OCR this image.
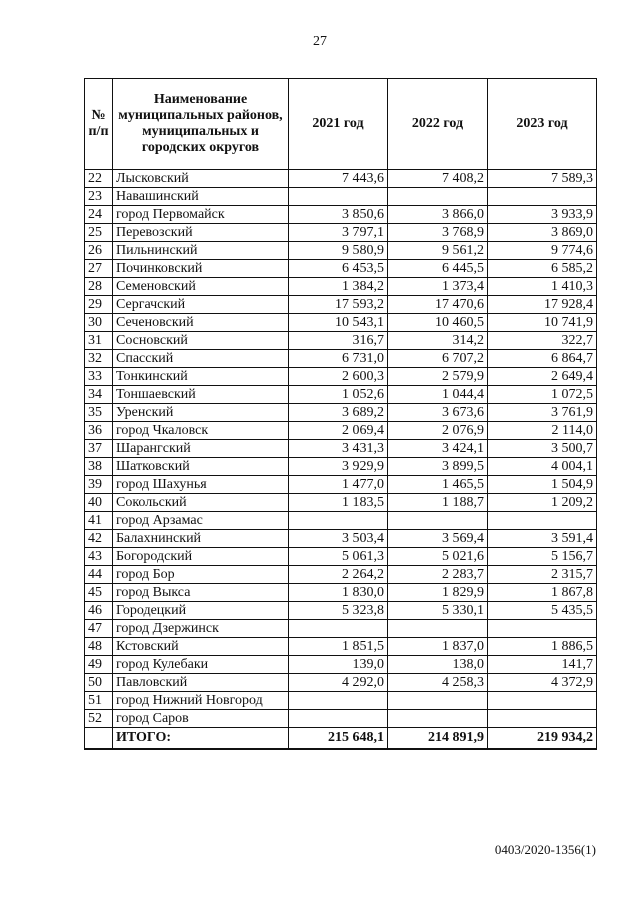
27
№ п/п	Наименование муниципальных районов, муниципальных и городских округов	2021 год	2022 год	2023 год
22	Лысковский	7 443,6	7 408,2	7 589,3
23	Навашинский			
24	город Первомайск	3 850,6	3 866,0	3 933,9
25	Перевозский	3 797,1	3 768,9	3 869,0
26	Пильнинский	9 580,9	9 561,2	9 774,6
27	Починковский	6 453,5	6 445,5	6 585,2
28	Семеновский	1 384,2	1 373,4	1 410,3
29	Сергачский	17 593,2	17 470,6	17 928,4
30	Сеченовский	10 543,1	10 460,5	10 741,9
31	Сосновский	316,7	314,2	322,7
32	Спасский	6 731,0	6 707,2	6 864,7
33	Тонкинский	2 600,3	2 579,9	2 649,4
34	Тоншаевский	1 052,6	1 044,4	1 072,5
35	Уренский	3 689,2	3 673,6	3 761,9
36	город Чкаловск	2 069,4	2 076,9	2 114,0
37	Шарангский	3 431,3	3 424,1	3 500,7
38	Шатковский	3 929,9	3 899,5	4 004,1
39	город Шахунья	1 477,0	1 465,5	1 504,9
40	Сокольский	1 183,5	1 188,7	1 209,2
41	город Арзамас			
42	Балахнинский	3 503,4	3 569,4	3 591,4
43	Богородский	5 061,3	5 021,6	5 156,7
44	город Бор	2 264,2	2 283,7	2 315,7
45	город Выкса	1 830,0	1 829,9	1 867,8
46	Городецкий	5 323,8	5 330,1	5 435,5
47	город Дзержинск			
48	Кстовский	1 851,5	1 837,0	1 886,5
49	город Кулебаки	139,0	138,0	141,7
50	Павловский	4 292,0	4 258,3	4 372,9
51	город Нижний Новгород			
52	город Саров			
	ИТОГО:	215 648,1	214 891,9	219 934,2
0403/2020-1356(1)
